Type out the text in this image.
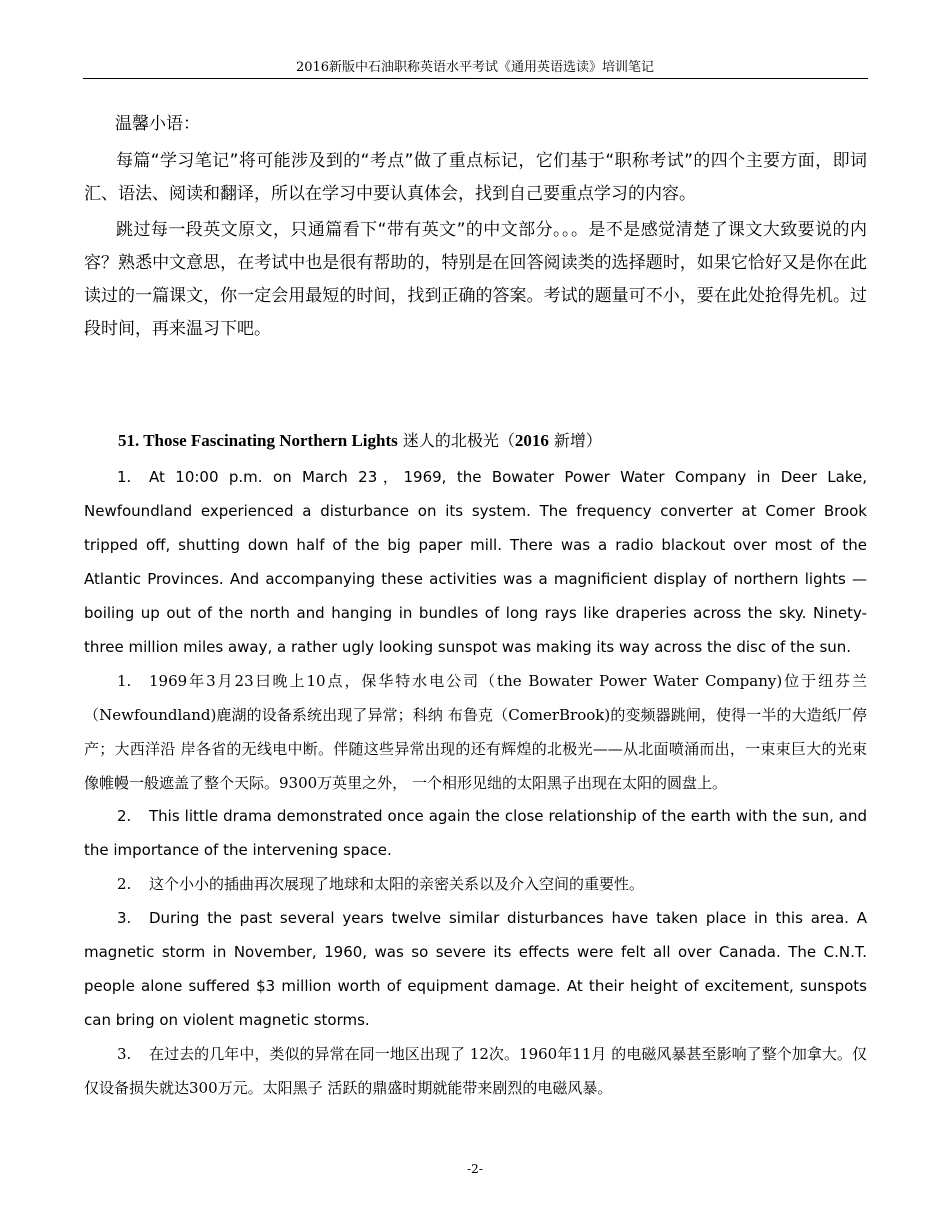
2016新版中石油职称英语水平考试《通用英语选读》培训笔记
温馨小语：

每篇“学习笔记”将可能涉及到的“考点”做了重点标记，它们基于“职称考试”的四个主要方面，即词汇、语法、阅读和翻译，所以在学习中要认真体会，找到自己要重点学习的内容。

跳过每一段英文原文，只通篇看下“带有英文”的中文部分。。。是不是感觉清楚了课文大致要说的内容？熟悉中文意思，在考试中也是很有帮助的，特别是在回答阅读类的选择题时，如果它恰好又是你在此读过的一篇课文，你一定会用最短的时间，找到正确的答案。考试的题量可不小，要在此处抢得先机。过段时间，再来温习下吧。

51. Those Fascinating Northern Lights 迷人的北极光（2016 新增）

1. At 10:00 p.m. on March 23，1969, the Bowater Power Water Company in Deer Lake, Newfoundland experienced a disturbance on its system. The frequency converter at Comer Brook tripped off, shutting down half of the big paper mill. There was a radio blackout over most of the Atlantic Provinces. And accompanying these activities was a magnificient display of northern lights — boiling up out of the north and hanging in bundles of long rays like draperies across the sky. Ninety-three million miles away, a rather ugly looking sunspot was making its way across the disc of the sun.

1. 1969年3月23曰晚上10点，保华特水电公司（the Bowater Power Water Company)位于纽芬兰（Newfoundland)鹿湖的设备系统出现了异常；科纳 布鲁克（ComerBrook)的变频器跳闸，使得一半的大造纸厂停产；大西洋沿 岸各省的无线电中断。伴随这些异常出现的还有辉煌的北极光——从北面喷涌而出，一束束巨大的光束像帷幔一般遮盖了整个天际。9300万英里之外， 一个相形见绌的太阳黑子出现在太阳的圆盘上。

2. This little drama demonstrated once again the close relationship of the earth with the sun, and the importance of the intervening space.

2. 这个小小的插曲再次展现了地球和太阳的亲密关系以及介入空间的重要性。

3. During the past several years twelve similar disturbances have taken place in this area. A magnetic storm in November, 1960, was so severe its effects were felt all over Canada. The C.N.T. people alone suffered $3 million worth of equipment damage. At their height of excitement, sunspots can bring on violent magnetic storms.

3. 在过去的几年中，类似的异常在同一地区出现了 12次。1960年11月 的电磁风暴甚至影响了整个加拿大。仅仅设备损失就达300万元。太阳黑子 活跃的鼎盛时期就能带来剧烈的电磁风暴。

-2-
